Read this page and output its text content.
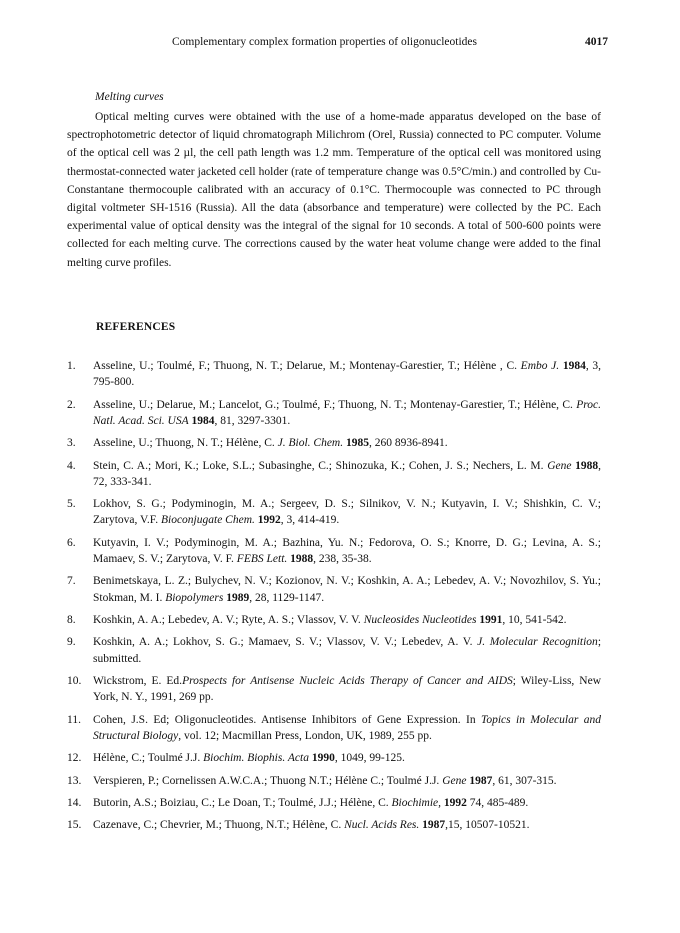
Complementary complex formation properties of oligonucleotides	4017
Melting curves

Optical melting curves were obtained with the use of a home-made apparatus developed on the base of spectrophotometric detector of liquid chromatograph Milichrom (Orel, Russia) connected to PC computer. Volume of the optical cell was 2 µl, the cell path length was 1.2 mm. Temperature of the optical cell was monitored using thermostat-connected water jacketed cell holder (rate of temperature change was 0.5°C/min.) and controlled by Cu-Constantane thermocouple calibrated with an accuracy of 0.1°C. Thermocouple was connected to PC through digital voltmeter SH-1516 (Russia). All the data (absorbance and temperature) were collected by the PC. Each experimental value of optical density was the integral of the signal for 10 seconds. A total of 500-600 points were collected for each melting curve. The corrections caused by the water heat volume change were added to the final melting curve profiles.

REFERENCES
1.	Asseline, U.; Toulmé, F.; Thuong, N. T.; Delarue, M.; Montenay-Garestier, T.; Hélène , C. Embo J. 1984, 3, 795-800.
2.	Asseline, U.; Delarue, M.; Lancelot, G.; Toulmé, F.; Thuong, N. T.; Montenay-Garestier, T.; Hélène, C. Proc. Natl. Acad. Sci. USA 1984, 81, 3297-3301.
3.	Asseline, U.; Thuong, N. T.; Hélène, C. J. Biol. Chem. 1985, 260 8936-8941.
4.	Stein, C. A.; Mori, K.; Loke, S.L.; Subasinghe, C.; Shinozuka, K.; Cohen, J. S.; Nechers, L. M. Gene 1988, 72, 333-341.
5.	Lokhov, S. G.; Podyminogin, M. A.; Sergeev, D. S.; Silnikov, V. N.; Kutyavin, I. V.; Shishkin, C. V.; Zarytova, V.F. Bioconjugate Chem. 1992, 3, 414-419.
6.	Kutyavin, I. V.; Podyminogin, M. A.; Bazhina, Yu. N.; Fedorova, O. S.; Knorre, D. G.; Levina, A. S.; Mamaev, S. V.; Zarytova, V. F. FEBS Lett. 1988, 238, 35-38.
7.	Benimetskaya, L. Z.; Bulychev, N. V.; Kozionov, N. V.; Koshkin, A. A.; Lebedev, A. V.; Novozhilov, S. Yu.; Stokman, M. I. Biopolymers 1989, 28, 1129-1147.
8.	Koshkin, A. A.; Lebedev, A. V.; Ryte, A. S.; Vlassov, V. V. Nucleosides Nucleotides 1991, 10, 541-542.
9.	Koshkin, A. A.; Lokhov, S. G.; Mamaev, S. V.; Vlassov, V. V.; Lebedev, A. V. J. Molecular Recognition; submitted.
10.	Wickstrom, E. Ed.Prospects for Antisense Nucleic Acids Therapy of Cancer and AIDS; Wiley-Liss, New York, N. Y., 1991, 269 pp.
11.	Cohen, J.S. Ed; Oligonucleotides. Antisense Inhibitors of Gene Expression. In Topics in Molecular and Structural Biology, vol. 12; Macmillan Press, London, UK, 1989, 255 pp.
12.	Hélène, C.; Toulmé J.J. Biochim. Biophis. Acta 1990, 1049, 99-125.
13.	Verspieren, P.; Cornelissen A.W.C.A.; Thuong N.T.; Hélène C.; Toulmé J.J. Gene 1987, 61, 307-315.
14.	Butorin, A.S.; Boiziau, C.; Le Doan, T.; Toulmé, J.J.; Hélène, C. Biochimie, 1992 74, 485-489.
15.	Cazenave, C.; Chevrier, M.; Thuong, N.T.; Hélène, C. Nucl. Acids Res. 1987,15, 10507-10521.
